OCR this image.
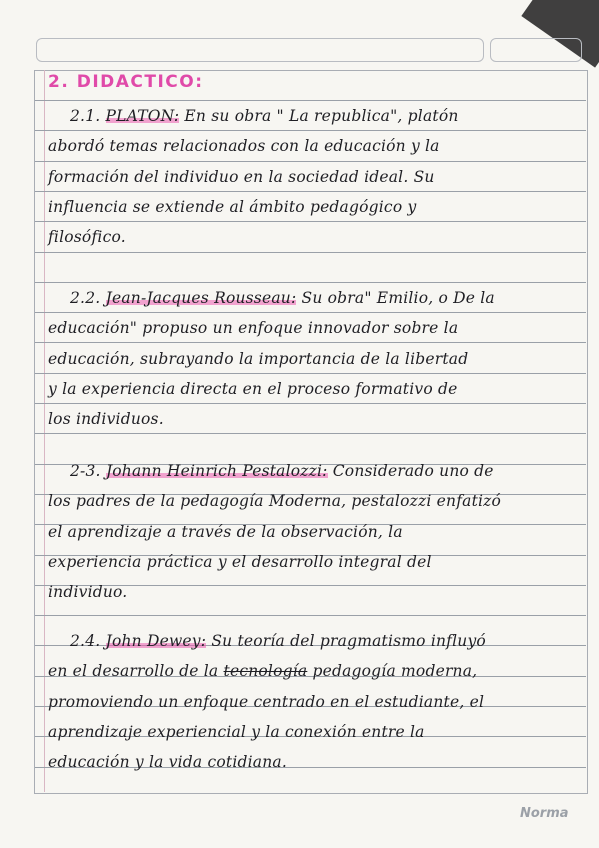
2. DIDACTICO:
2.1. PLATON: En su obra " La republica", platón
abordó temas relacionados con la educación y la
formación del individuo en la sociedad ideal. Su
influencia se extiende al ámbito pedagógico y
filosófico.
2.2. Jean-Jacques Rousseau: Su obra" Emilio, o De la
educación" propuso un enfoque innovador sobre la
educación, subrayando la importancia de la libertad
y la experiencia directa en el proceso formativo de
los individuos.
2-3. Johann Heinrich Pestalozzi: Considerado uno de
los padres de la pedagogía Moderna, pestalozzi enfatizó
el aprendizaje a través de la observación, la
experiencia práctica y el desarrollo integral del
individuo.
2.4. John Dewey: Su teoría del pragmatismo influyó
en el desarrollo de la tecnología pedagogía moderna,
promoviendo un enfoque centrado en el estudiante, el
aprendizaje experiencial y la conexión entre la
educación y la vida cotidiana.
Norma
